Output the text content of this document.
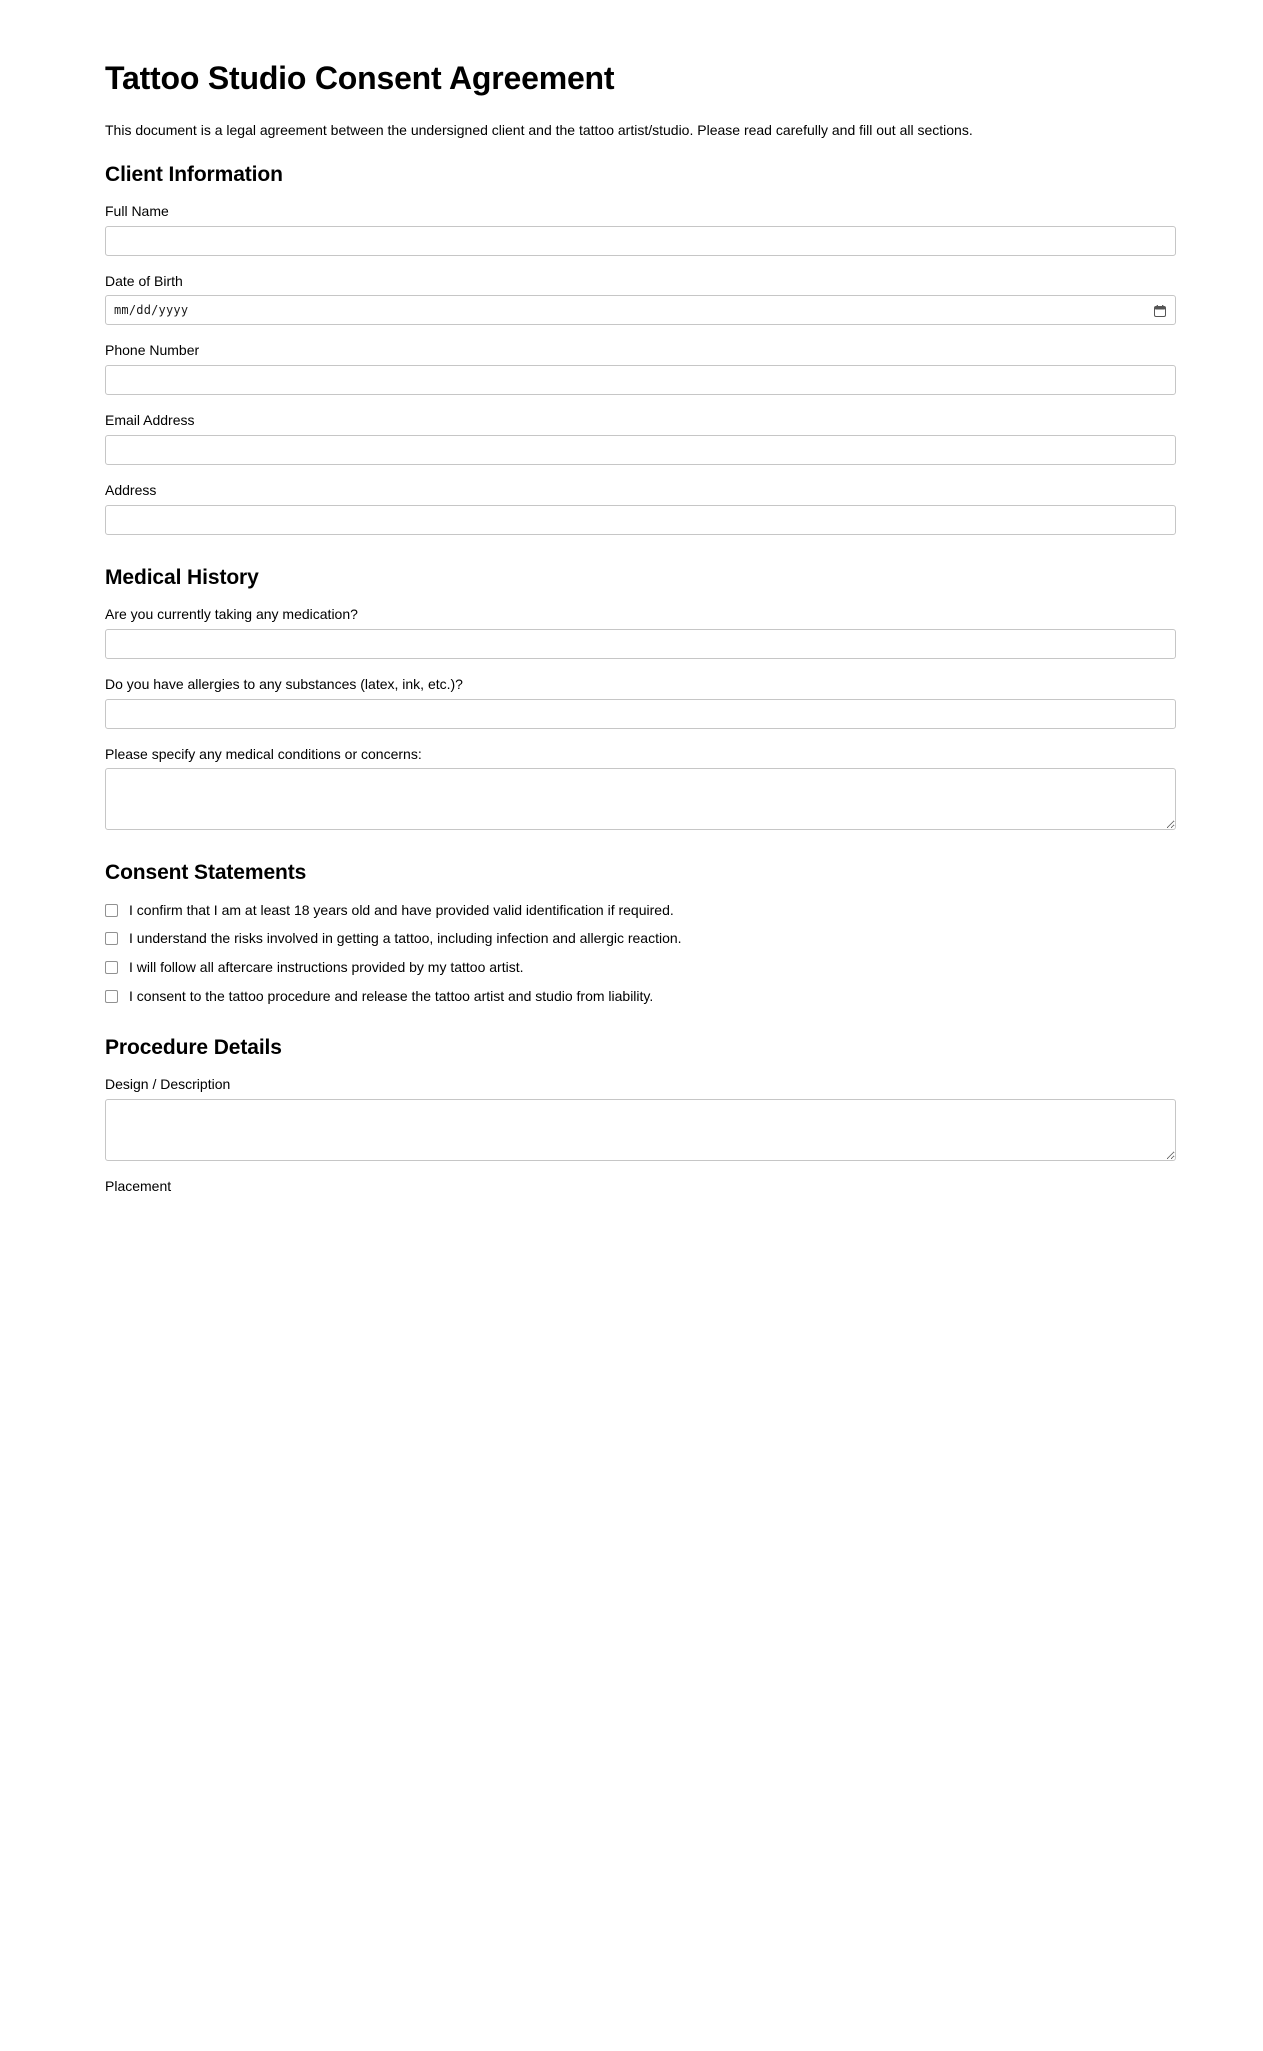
Tattoo Studio Consent Agreement

This document is a legal agreement between the undersigned client and the tattoo artist/studio. Please read carefully and fill out all sections.

Client Information
Full Name
Date of Birth
mm/dd/yyyy
Phone Number
Email Address
Address
Medical History
Are you currently taking any medication?
Do you have allergies to any substances (latex, ink, etc.)?
Please specify any medical conditions or concerns:
Consent Statements
I confirm that I am at least 18 years old and have provided valid identification if required.
I understand the risks involved in getting a tattoo, including infection and allergic reaction.
I will follow all aftercare instructions provided by my tattoo artist.
I consent to the tattoo procedure and release the tattoo artist and studio from liability.
Procedure Details
Design / Description
Placement
